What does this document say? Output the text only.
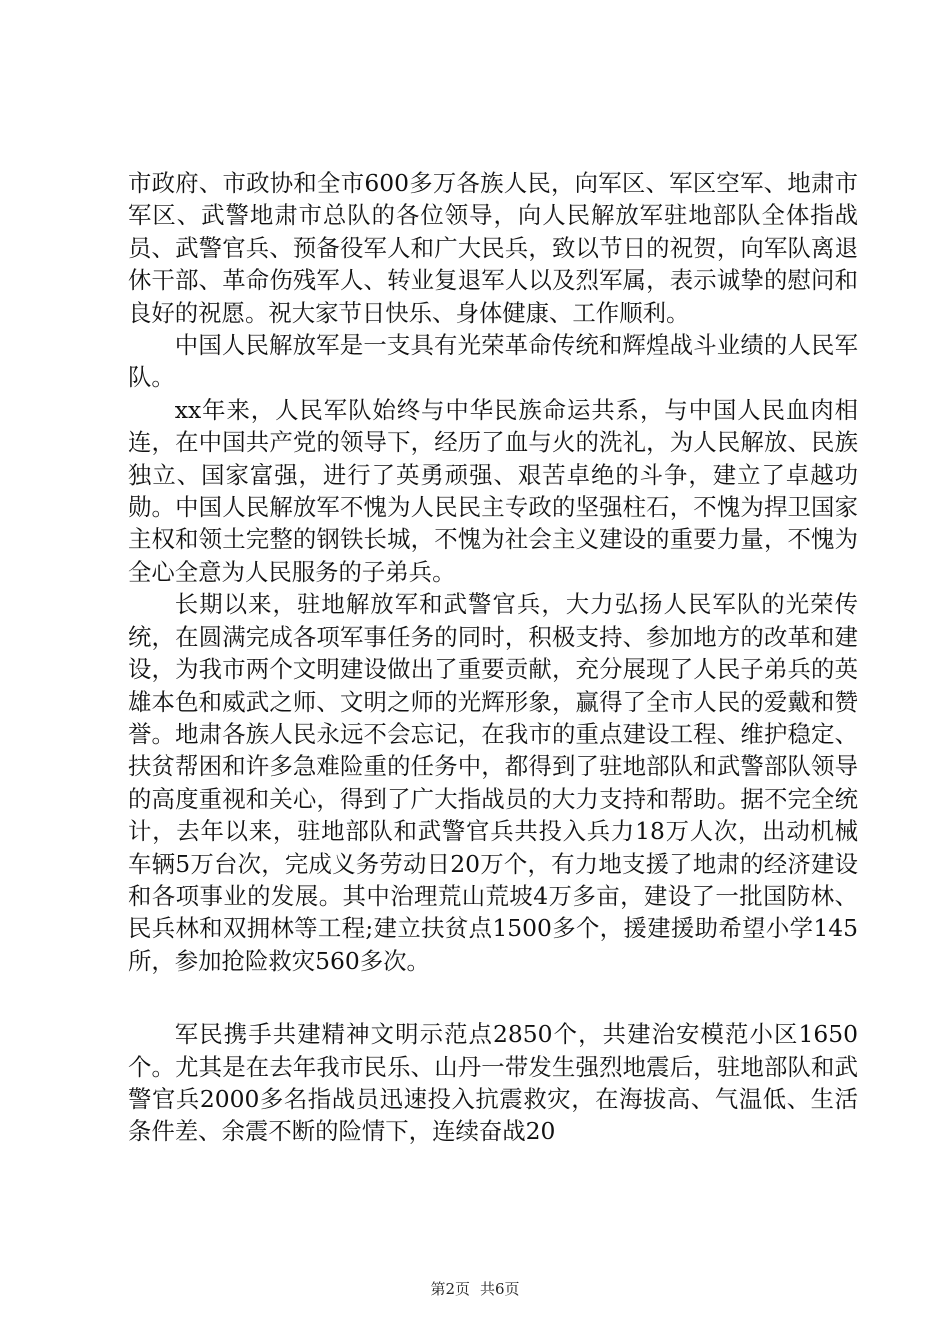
市政府、市政协和全市600多万各族人民，向军区、军区空军、地肃市军区、武警地肃市总队的各位领导，向人民解放军驻地部队全体指战员、武警官兵、预备役军人和广大民兵，致以节日的祝贺，向军队离退休干部、革命伤残军人、转业复退军人以及烈军属，表示诚挚的慰问和良好的祝愿。祝大家节日快乐、身体健康、工作顺利。

中国人民解放军是一支具有光荣革命传统和辉煌战斗业绩的人民军队。

xx年来，人民军队始终与中华民族命运共系，与中国人民血肉相连，在中国共产党的领导下，经历了血与火的洗礼，为人民解放、民族独立、国家富强，进行了英勇顽强、艰苦卓绝的斗争，建立了卓越功勋。中国人民解放军不愧为人民民主专政的坚强柱石，不愧为捍卫国家主权和领土完整的钢铁长城，不愧为社会主义建设的重要力量，不愧为全心全意为人民服务的子弟兵。

长期以来，驻地解放军和武警官兵，大力弘扬人民军队的光荣传统，在圆满完成各项军事任务的同时，积极支持、参加地方的改革和建设，为我市两个文明建设做出了重要贡献，充分展现了人民子弟兵的英雄本色和威武之师、文明之师的光辉形象，赢得了全市人民的爱戴和赞誉。地肃各族人民永远不会忘记，在我市的重点建设工程、维护稳定、扶贫帮困和许多急难险重的任务中，都得到了驻地部队和武警部队领导的高度重视和关心，得到了广大指战员的大力支持和帮助。据不完全统计，去年以来，驻地部队和武警官兵共投入兵力18万人次，出动机械车辆5万台次，完成义务劳动日20万个，有力地支援了地肃的经济建设和各项事业的发展。其中治理荒山荒坡4万多亩，建设了一批国防林、民兵林和双拥林等工程;建立扶贫点1500多个，援建援助希望小学145所，参加抢险救灾560多次。

军民携手共建精神文明示范点2850个，共建治安模范小区1650个。尤其是在去年我市民乐、山丹一带发生强烈地震后，驻地部队和武警官兵2000多名指战员迅速投入抗震救灾，在海拔高、气温低、生活条件差、余震不断的险情下，连续奋战20

第2页 共6页
